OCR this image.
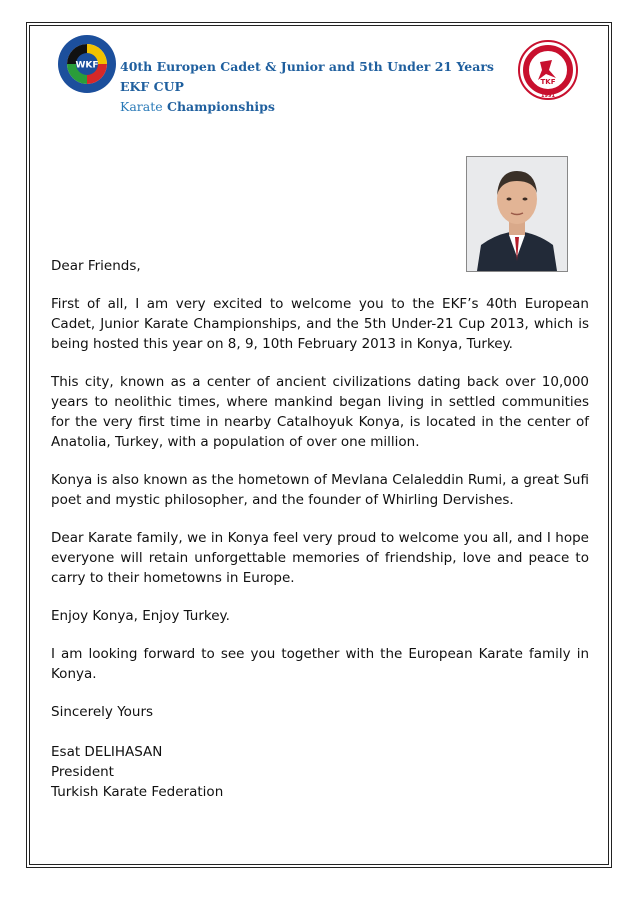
WKF 40th Europen Cadet & Junior and 5th Under 21 Years EKF CUP
Karate Championships
TKF
1991

Dear Friends,

First of all, I am very excited to welcome you to the EKF’s 40th European Cadet, Junior Karate Championships, and the 5th Under-21 Cup 2013, which is being hosted this year on 8, 9, 10th February 2013 in Konya, Turkey.

This city, known as a center of ancient civilizations dating back over 10,000 years to neolithic times, where mankind began living in settled communities for the very first time in nearby Catalhoyuk Konya, is located in the center of Anatolia, Turkey, with a population of over one million.

Konya is also known as the hometown of Mevlana Celaleddin Rumi, a great Sufi poet and mystic philosopher, and the founder of Whirling Dervishes.

Dear Karate family, we in Konya feel very proud to welcome you all, and I hope everyone will retain unforgettable memories of friendship, love and peace to carry to their hometowns in Europe.

Enjoy Konya, Enjoy Turkey.

I am looking forward to see you together with the European Karate family in Konya.

Sincerely Yours

Esat DELIHASAN
President
Turkish Karate Federation
